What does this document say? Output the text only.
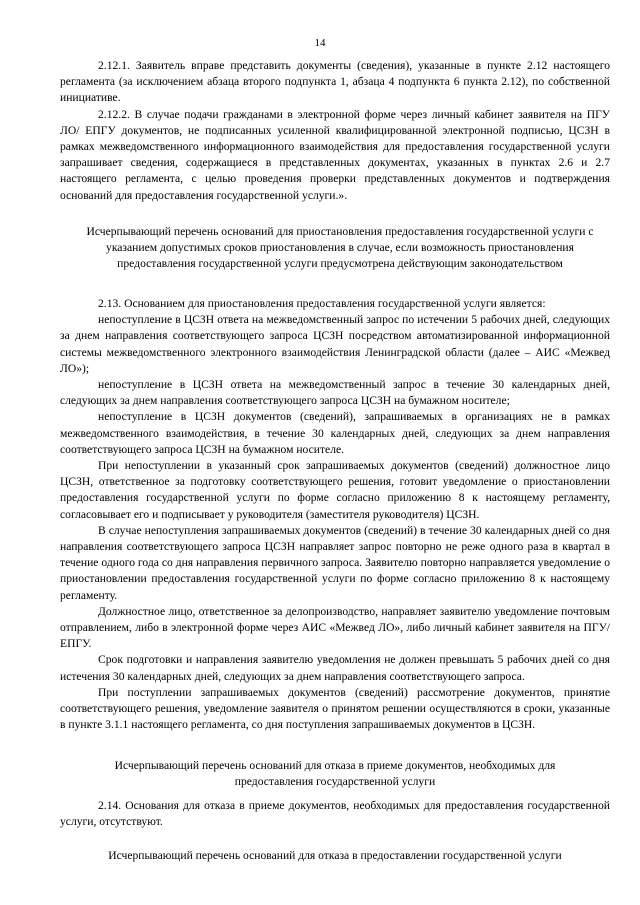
14

2.12.1. Заявитель вправе представить документы (сведения), указанные в пункте 2.12 настоящего регламента (за исключением абзаца второго подпункта 1, абзаца 4 подпункта 6 пункта 2.12), по собственной инициативе.

2.12.2. В случае подачи гражданами в электронной форме через личный кабинет заявителя на ПГУ ЛО/ ЕПГУ документов, не подписанных усиленной квалифицированной электронной подписью, ЦСЗН в рамках межведомственного информационного взаимодействия для предоставления государственной услуги запрашивает сведения, содержащиеся в представленных документах, указанных в пунктах 2.6 и 2.7 настоящего регламента, с целью проведения проверки представленных документов и подтверждения оснований для предоставления государственной услуги.».

Исчерпывающий перечень оснований для приостановления предоставления государственной услуги с указанием допустимых сроков приостановления в случае, если возможность приостановления предоставления государственной услуги предусмотрена действующим законодательством

2.13. Основанием для приостановления предоставления государственной услуги является:

непоступление в ЦСЗН ответа на межведомственный запрос по истечении 5 рабочих дней, следующих за днем направления соответствующего запроса ЦСЗН посредством автоматизированной информационной системы межведомственного электронного взаимодействия Ленинградской области (далее – АИС «Межвед ЛО»);

непоступление в ЦСЗН ответа на межведомственный запрос в течение 30 календарных дней, следующих за днем направления соответствующего запроса ЦСЗН на бумажном носителе;

непоступление в ЦСЗН документов (сведений), запрашиваемых в организациях не в рамках межведомственного взаимодействия, в течение 30 календарных дней, следующих за днем направления соответствующего запроса ЦСЗН на бумажном носителе.

При непоступлении в указанный срок запрашиваемых документов (сведений) должностное лицо ЦСЗН, ответственное за подготовку соответствующего решения, готовит уведомление о приостановлении предоставления государственной услуги по форме согласно приложению 8 к настоящему регламенту, согласовывает его и подписывает у руководителя (заместителя руководителя) ЦСЗН.

В случае непоступления запрашиваемых документов (сведений) в течение 30 календарных дней со дня направления соответствующего запроса ЦСЗН направляет запрос повторно не реже одного раза в квартал в течение одного года со дня направления первичного запроса. Заявителю повторно направляется уведомление о приостановлении предоставления государственной услуги по форме согласно приложению 8 к настоящему регламенту.

Должностное лицо, ответственное за делопроизводство, направляет заявителю уведомление почтовым отправлением, либо в электронной форме через АИС «Межвед ЛО», либо личный кабинет заявителя на ПГУ/ ЕПГУ.

Срок подготовки и направления заявителю уведомления не должен превышать 5 рабочих дней со дня истечения 30 календарных дней, следующих за днем направления соответствующего запроса.

При поступлении запрашиваемых документов (сведений) рассмотрение документов, принятие соответствующего решения, уведомление заявителя о принятом решении осуществляются в сроки, указанные в пункте 3.1.1 настоящего регламента, со дня поступления запрашиваемых документов в ЦСЗН.

Исчерпывающий перечень оснований для отказа в приеме документов, необходимых для предоставления государственной услуги

2.14. Основания для отказа в приеме документов, необходимых для предоставления государственной услуги, отсутствуют.

Исчерпывающий перечень оснований для отказа в предоставлении государственной услуги
